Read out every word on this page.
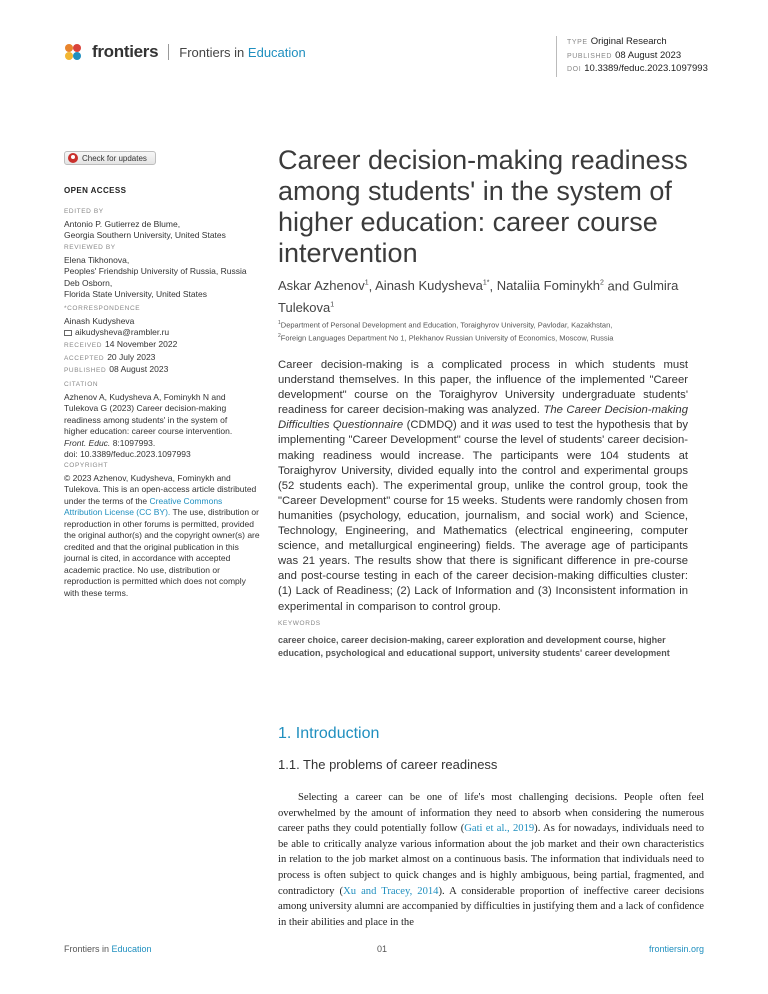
frontiers Frontiers in Education
TYPE Original Research
PUBLISHED 08 August 2023
DOI 10.3389/feduc.2023.1097993
Check for updates
OPEN ACCESS
EDITED BY
Antonio P. Gutierrez de Blume,
Georgia Southern University, United States
REVIEWED BY
Elena Tikhonova,
Peoples' Friendship University of Russia, Russia
Deb Osborn,
Florida State University, United States
*CORRESPONDENCE
Ainash Kudysheva
aikudysheva@rambler.ru
RECEIVED 14 November 2022
ACCEPTED 20 July 2023
PUBLISHED 08 August 2023
CITATION
Azhenov A, Kudysheva A, Fominykh N and
Tulekova G (2023) Career decision-making
readiness among students' in the system of
higher education: career course intervention.
Front. Educ. 8:1097993.
doi: 10.3389/feduc.2023.1097993
COPYRIGHT
© 2023 Azhenov, Kudysheva, Fominykh and Tulekova. This is an open-access article distributed under the terms of the Creative Commons Attribution License (CC BY). The use, distribution or reproduction in other forums is permitted, provided the original author(s) and the copyright owner(s) are credited and that the original publication in this journal is cited, in accordance with accepted academic practice. No use, distribution or reproduction is permitted which does not comply with these terms.
Career decision-making readiness among students' in the system of higher education: career course intervention
Askar Azhenov$^1$, Ainash Kudysheva$^{1*}$, Nataliia Fominykh$^2$ and Gulmira Tulekova$^1$
$^1$Department of Personal Development and Education, Toraighyrov University, Pavlodar, Kazakhstan,
$^2$Foreign Languages Department No 1, Plekhanov Russian University of Economics, Moscow, Russia
Career decision-making is a complicated process in which students must understand themselves. In this paper, the influence of the implemented "Career development" course on the Toraighyrov University undergraduate students' readiness for career decision-making was analyzed. The Career Decision-making Difficulties Questionnaire (CDMDQ) and it was used to test the hypothesis that by implementing "Career Development" course the level of students' career decision-making readiness would increase. The participants were 104 students at Toraighyrov University, divided equally into the control and experimental groups (52 students each). The experimental group, unlike the control group, took the "Career Development" course for 15 weeks. Students were randomly chosen from humanities (psychology, education, journalism, and social work) and Science, Technology, Engineering, and Mathematics (electrical engineering, computer science, and metallurgical engineering) fields. The average age of participants was 21 years. The results show that there is significant difference in pre-course and post-course testing in each of the career decision-making difficulties cluster: (1) Lack of Readiness; (2) Lack of Information and (3) Inconsistent information in experimental in comparison to control group.
KEYWORDS
career choice, career decision-making, career exploration and development course, higher education, psychological and educational support, university students' career development
1. Introduction
1.1. The problems of career readiness
Selecting a career can be one of life's most challenging decisions. People often feel overwhelmed by the amount of information they need to absorb when considering the numerous career paths they could potentially follow (Gati et al., 2019). As for nowadays, individuals need to be able to critically analyze various information about the job market and their own characteristics in relation to the job market almost on a continuous basis. The information that individuals need to process is often subject to quick changes and is highly ambiguous, being partial, fragmented, and contradictory (Xu and Tracey, 2014). A considerable proportion of ineffective career decisions among university alumni are accompanied by difficulties in justifying them and a lack of confidence in their abilities and place in the
Frontiers in Education	01	frontiersin.org
